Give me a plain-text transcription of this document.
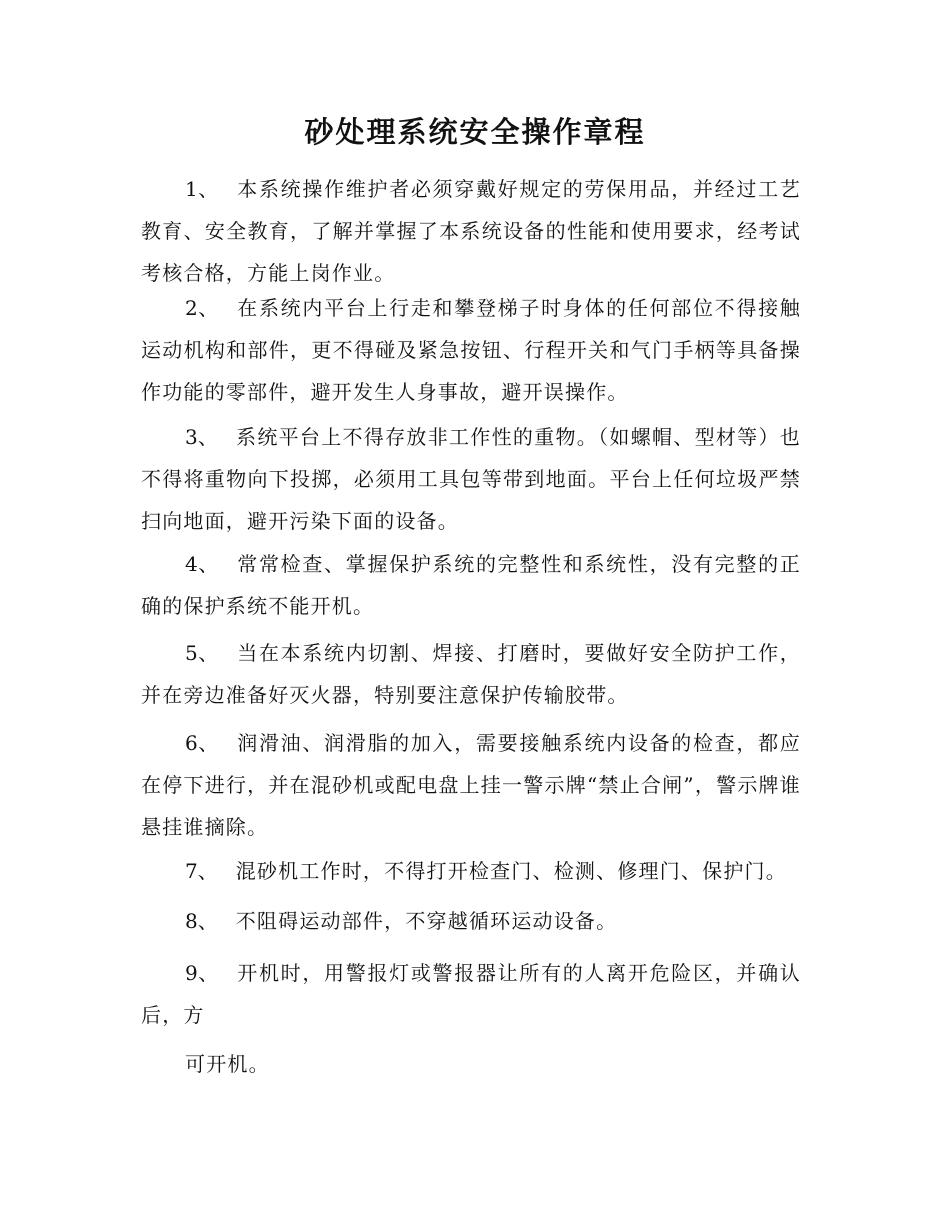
砂处理系统安全操作章程

1、 本系统操作维护者必须穿戴好规定的劳保用品，并经过工艺教育、安全教育，了解并掌握了本系统设备的性能和使用要求，经考试考核合格，方能上岗作业。

2、 在系统内平台上行走和攀登梯子时身体的任何部位不得接触运动机构和部件，更不得碰及紧急按钮、行程开关和气门手柄等具备操作功能的零部件，避开发生人身事故，避开误操作。

3、 系统平台上不得存放非工作性的重物。（如螺帽、型材等）也不得将重物向下投掷，必须用工具包等带到地面。平台上任何垃圾严禁扫向地面，避开污染下面的设备。

4、 常常检查、掌握保护系统的完整性和系统性，没有完整的正确的保护系统不能开机。

5、 当在本系统内切割、焊接、打磨时，要做好安全防护工作，并在旁边准备好灭火器，特别要注意保护传输胶带。

6、 润滑油、润滑脂的加入，需要接触系统内设备的检查，都应在停下进行，并在混砂机或配电盘上挂一警示牌“禁止合闸”，警示牌谁悬挂谁摘除。

7、 混砂机工作时，不得打开检查门、检测、修理门、保护门。

8、 不阻碍运动部件，不穿越循环运动设备。

9、 开机时，用警报灯或警报器让所有的人离开危险区，并确认后，方

可开机。
